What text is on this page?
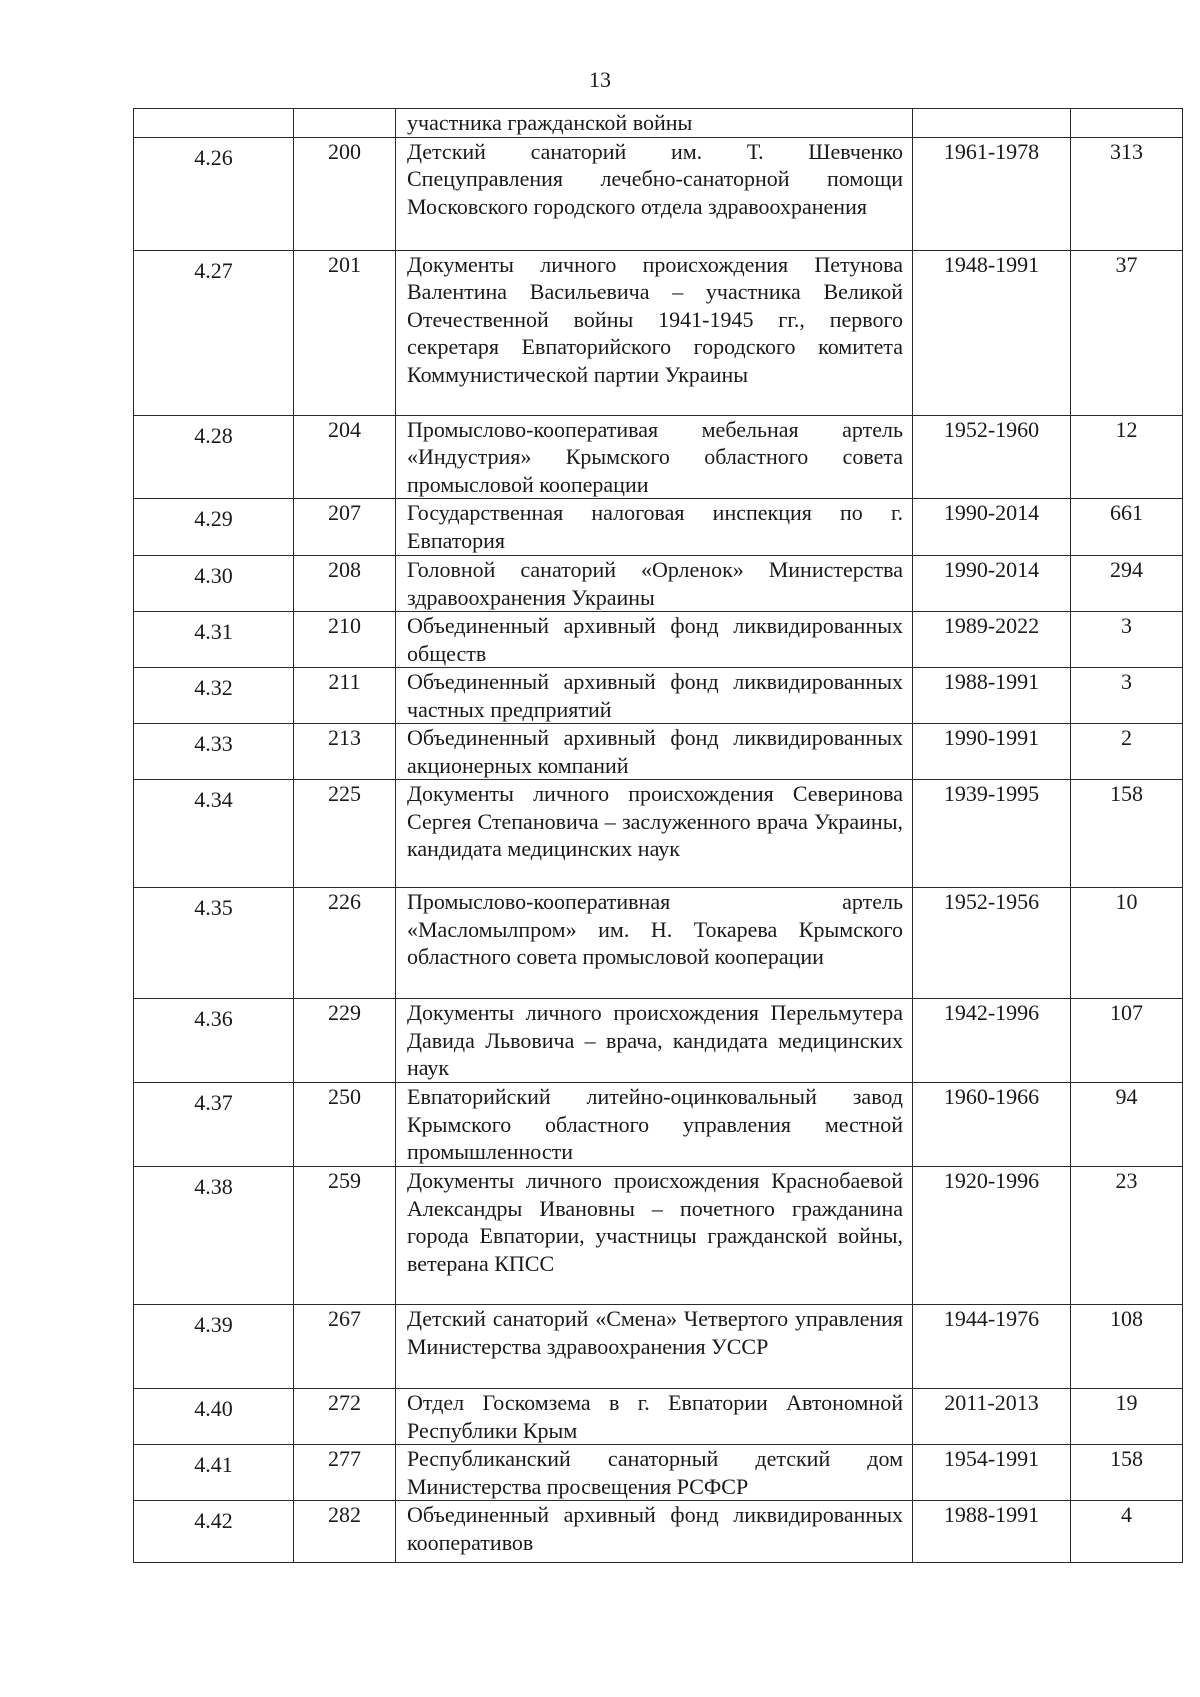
13
		участника гражданской войны		
4.26	200	Детский санаторий им. Т. Шевченко Спецуправления лечебно-санаторной помощи Московского городского отдела здравоохранения	1961-1978	313
4.27	201	Документы личного происхождения Петунова Валентина Васильевича – участника Великой Отечественной войны 1941-1945 гг., первого секретаря Евпаторийского городского комитета Коммунистической партии Украины	1948-1991	37
4.28	204	Промыслово-кооперативая мебельная артель «Индустрия» Крымского областного совета промысловой кооперации	1952-1960	12
4.29	207	Государственная налоговая инспекция по г. Евпатория	1990-2014	661
4.30	208	Головной санаторий «Орленок» Министерства здравоохранения Украины	1990-2014	294
4.31	210	Объединенный архивный фонд ликвидированных обществ	1989-2022	3
4.32	211	Объединенный архивный фонд ликвидированных частных предприятий	1988-1991	3
4.33	213	Объединенный архивный фонд ликвидированных акционерных компаний	1990-1991	2
4.34	225	Документы личного происхождения Северинова Сергея Степановича – заслуженного врача Украины, кандидата медицинских наук	1939-1995	158
4.35	226	Промыслово-кооперативная артель «Масломылпром» им. Н. Токарева Крымского областного совета промысловой кооперации	1952-1956	10
4.36	229	Документы личного происхождения Перельмутера Давида Львовича – врача, кандидата медицинских наук	1942-1996	107
4.37	250	Евпаторийский литейно-оцинковальный завод Крымского областного управления местной промышленности	1960-1966	94
4.38	259	Документы личного происхождения Краснобаевой Александры Ивановны – почетного гражданина города Евпатории, участницы гражданской войны, ветерана КПСС	1920-1996	23
4.39	267	Детский санаторий «Смена» Четвертого управления Министерства здравоохранения УССР	1944-1976	108
4.40	272	Отдел Госкомзема в г. Евпатории Автономной Республики Крым	2011-2013	19
4.41	277	Республиканский санаторный детский дом Министерства просвещения РСФСР	1954-1991	158
4.42	282	Объединенный архивный фонд ликвидированных кооперативов	1988-1991	4
